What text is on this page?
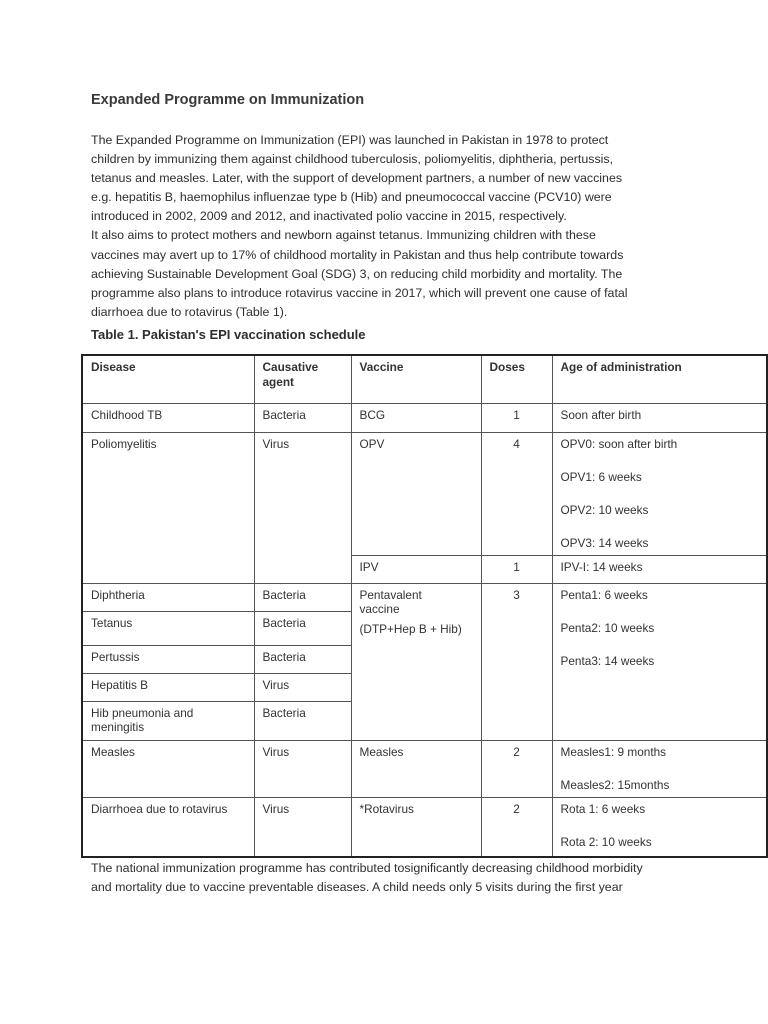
Expanded Programme on Immunization
The Expanded Programme on Immunization (EPI) was launched in Pakistan in 1978 to protect
children by immunizing them against childhood tuberculosis, poliomyelitis, diphtheria, pertussis,
tetanus and measles. Later, with the support of development partners, a number of new vaccines
e.g. hepatitis B, haemophilus influenzae type b (Hib) and pneumococcal vaccine (PCV10) were
introduced in 2002, 2009 and 2012, and inactivated polio vaccine in 2015, respectively.
It also aims to protect mothers and newborn against tetanus. Immunizing children with these
vaccines may avert up to 17% of childhood mortality in Pakistan and thus help contribute towards
achieving Sustainable Development Goal (SDG) 3, on reducing child morbidity and mortality. The
programme also plans to introduce rotavirus vaccine in 2017, which will prevent one cause of fatal
diarrhoea due to rotavirus (Table 1).
Table 1. Pakistan's EPI vaccination schedule
Disease	Causative agent	Vaccine	Doses	Age of administration
Childhood TB	Bacteria	BCG	1	Soon after birth
Poliomyelitis	Virus	OPV	4	OPV0: soon after birth
OPV1: 6 weeks
OPV2: 10 weeks
OPV3: 14 weeks

		IPV	1	IPV-I: 14 weeks
Diphtheria	Bacteria	Pentavalent
vaccine
(DTP+Hep B + Hib)	3	Penta1: 6 weeks
Penta2: 10 weeks
Penta3: 14 weeks

Tetanus	Bacteria			
Pertussis	Bacteria			
Hepatitis B	Virus			
Hib pneumonia and meningitis	Bacteria			
Measles	Virus	Measles	2	Measles1: 9 months
Measles2: 15months

Diarrhoea due to rotavirus	Virus	*Rotavirus	2	Rota 1: 6 weeks
Rota 2: 10 weeks
The national immunization programme has contributed tosignificantly decreasing childhood morbidity
and mortality due to vaccine preventable diseases. A child needs only 5 visits during the first year
